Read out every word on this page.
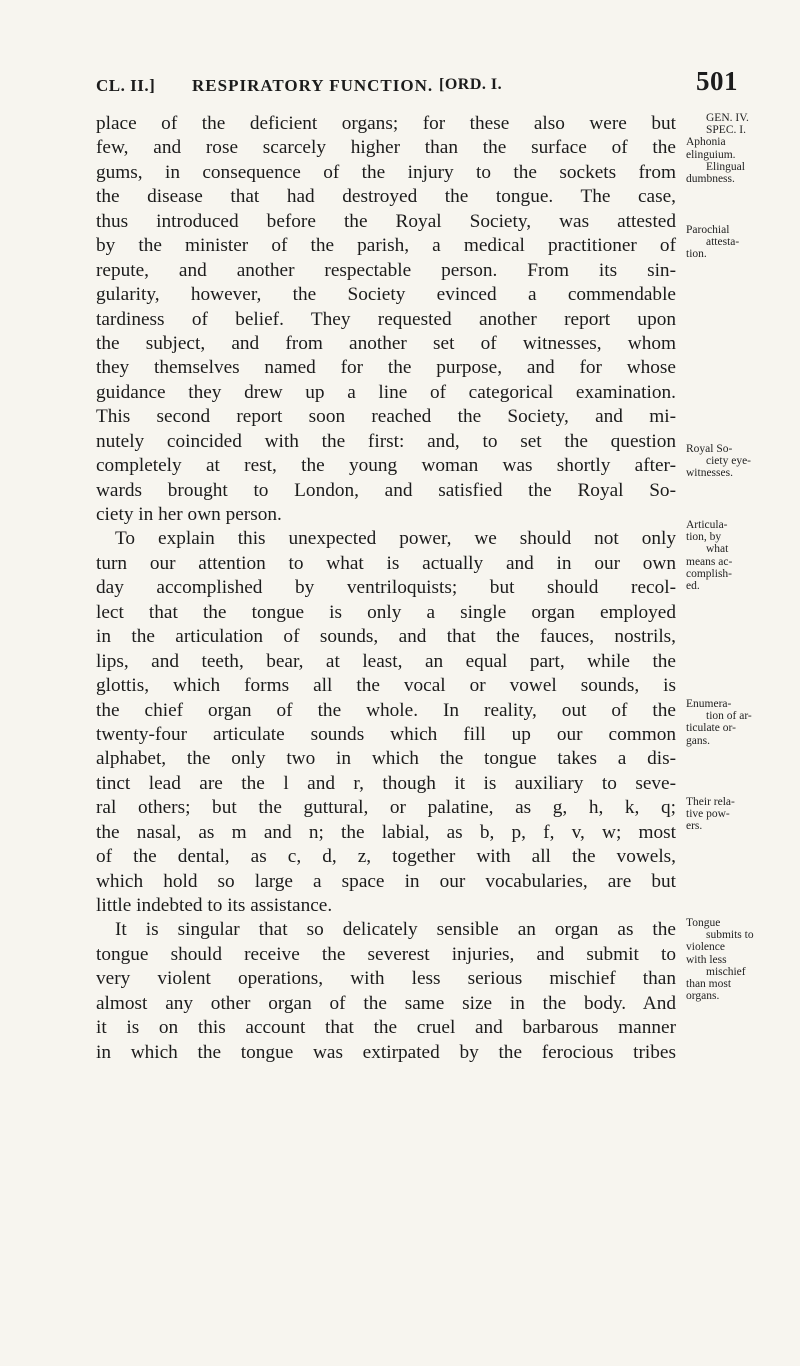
CL. II.] RESPIRATORY FUNCTION. [ORD. I.	501
place of the deficient organs; for these also were but
few, and rose scarcely higher than the surface of the
gums, in consequence of the injury to the sockets from
the disease that had destroyed the tongue. The case,
thus introduced before the Royal Society, was attested
by the minister of the parish, a medical practitioner of
repute, and another respectable person. From its sin-
gularity, however, the Society evinced a commendable
tardiness of belief. They requested another report upon
the subject, and from another set of witnesses, whom
they themselves named for the purpose, and for whose
guidance they drew up a line of categorical examination.
This second report soon reached the Society, and mi-
nutely coincided with the first: and, to set the question
completely at rest, the young woman was shortly after-
wards brought to London, and satisfied the Royal So-
ciety in her own person.
To explain this unexpected power, we should not only
turn our attention to what is actually and in our own
day accomplished by ventriloquists; but should recol-
lect that the tongue is only a single organ employed
in the articulation of sounds, and that the fauces, nostrils,
lips, and teeth, bear, at least, an equal part, while the
glottis, which forms all the vocal or vowel sounds, is
the chief organ of the whole. In reality, out of the
twenty-four articulate sounds which fill up our common
alphabet, the only two in which the tongue takes a dis-
tinct lead are the l and r, though it is auxiliary to seve-
ral others; but the guttural, or palatine, as g, h, k, q;
the nasal, as m and n; the labial, as b, p, f, v, w; most
of the dental, as c, d, z, together with all the vowels,
which hold so large a space in our vocabularies, are but
little indebted to its assistance.
It is singular that so delicately sensible an organ as the
tongue should receive the severest injuries, and submit to
very violent operations, with less serious mischief than
almost any other organ of the same size in the body. And
it is on this account that the cruel and barbarous manner
in which the tongue was extirpated by the ferocious tribes
GEN. IV.
SPEC. I.
Aphonia
elinguium.
Elingual
dumbness.
Parochial
attesta-
tion.
Royal So-
ciety eye-
witnesses.
Articula-
tion, by
what
means ac-
complish-
ed.
Enumera-
tion of ar-
ticulate or-
gans.
Their rela-
tive pow-
ers.
Tongue
submits to
violence
with less
mischief
than most
organs.
